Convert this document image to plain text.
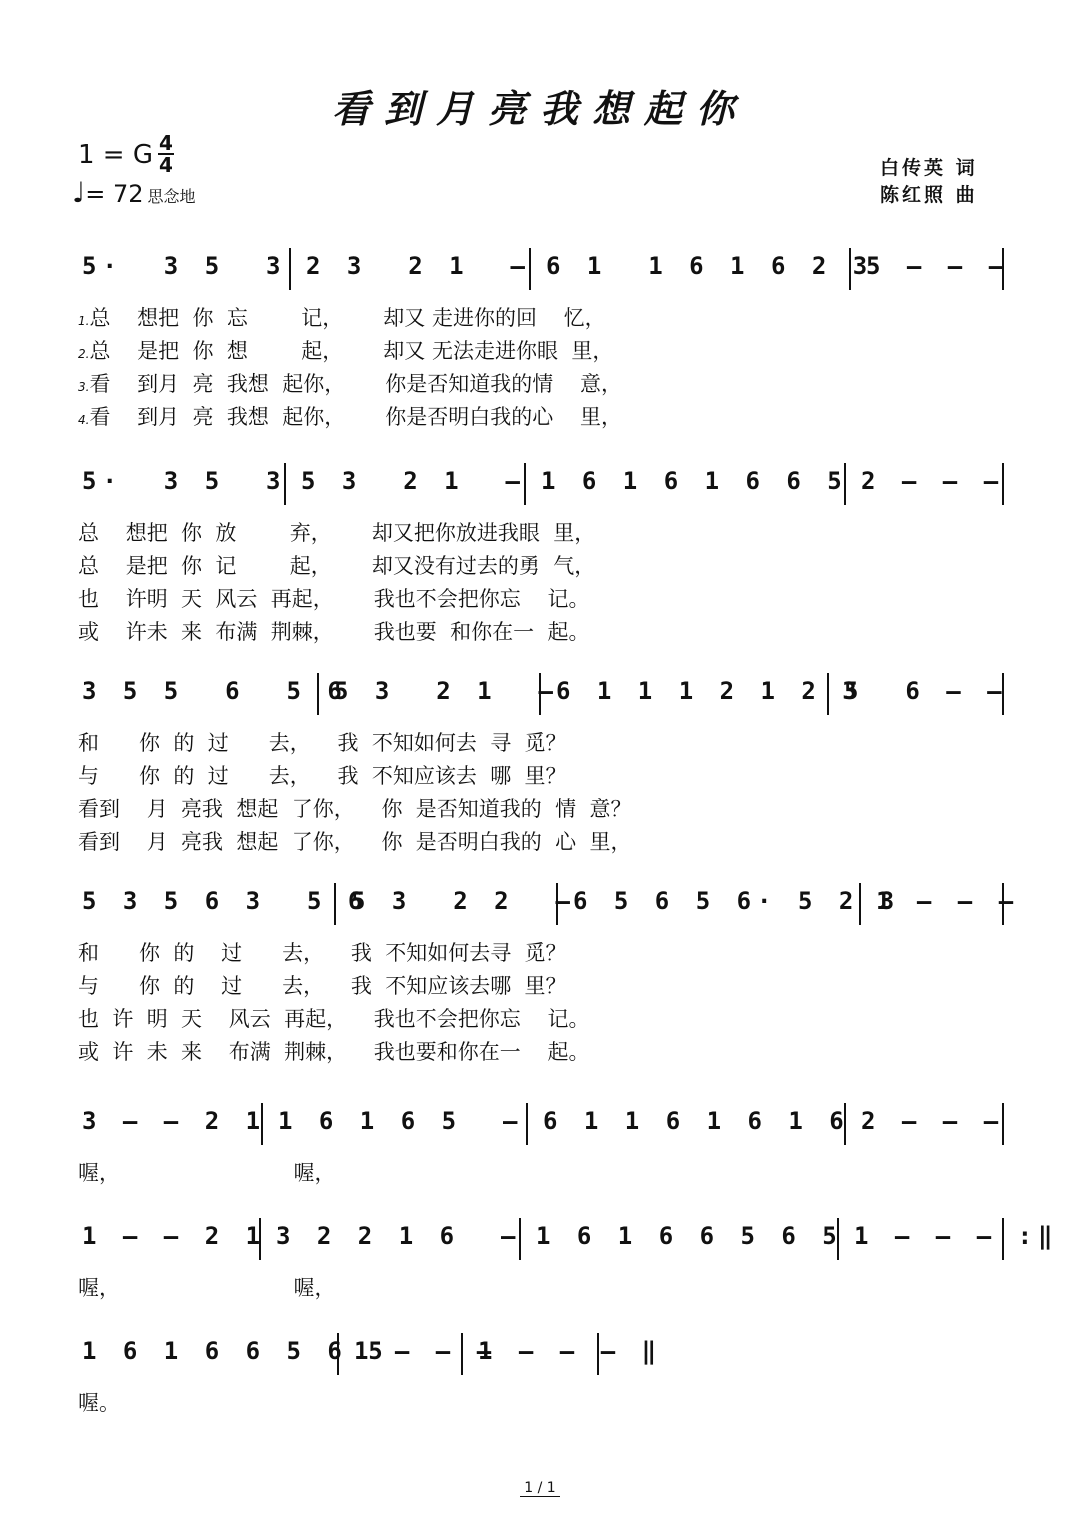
看到月亮我想起你
1 = G 4
4
♩= 72 思念地
白传英 词
陈红照 曲
5·  3 5  3 2 3  2 1  – 6 1  1 6 1 6 2 3
5 – – –
1.总    想把  你  忘        记，      却又 走进你的回    忆，
2.总    是把  你  想        起，      却又 无法走进你眼  里，
3.看    到月  亮  我想  起你，      你是否知道我的情    意，
4.看    到月  亮  我想  起你，      你是否明白我的心    里，
5·  3 5  3 5 3  2 1  – 1 6 1 6 1 6 6 5 2 – – –
总    想把  你  放        弃，      却又把你放进我眼  里，
总    是把  你  记        起，      却又没有过去的勇  气，
也    许明  天  风云  再起，      我也不会把你忘    记。
或    许未  来  布满  荆棘，      我也要  和你在一  起。
3 5 5  6  5 6
5 3  2 1  –
6 1 1 1 2 1 2 3
5  6 – –
和      你  的  过      去，    我  不知如何去  寻  觅？
与      你  的  过      去，    我  不知应该去  哪  里？
看到    月  亮我  想起  了你，    你  是否知道我的  情  意？
看到    月  亮我  想起  了你，    你  是否明白我的  心  里，
5 3 5 6 3  5 6
5 3  2 2  –
6 5 6 5 6· 5 2 3
1 – – –
和      你  的    过      去，    我  不知如何去寻  觅？
与      你  的    过      去，    我  不知应该去哪  里？
也  许  明  天    风云  再起，    我也不会把你忘    记。
或  许  未  来    布满  荆棘，    我也要和你在一    起。
3 – – 2 1 1 6 1 6 5  – 6 1 1 6 1 6 1 6 2 – – –
喔，                          喔，
1 – – 2 1 3 2 2 1 6  – 1 6 1 6 6 5 6 5 1 – – – :‖
喔，                          喔，
1 6 1 6 6 5 6 5
1 – – –
1 – – – ‖
喔。
1 / 1
